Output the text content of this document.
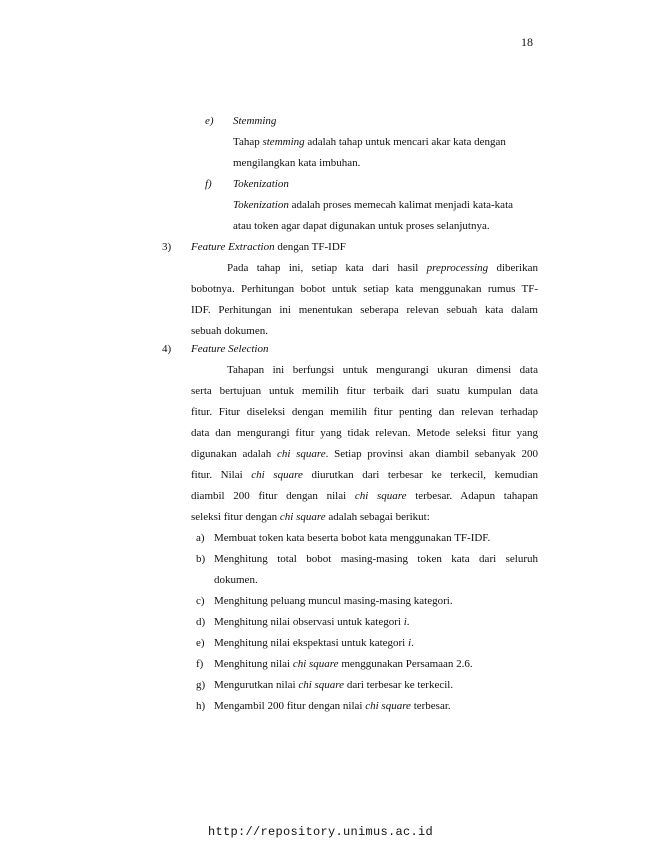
18
e) Stemming
Tahap stemming adalah tahap untuk mencari akar kata dengan
mengilangkan kata imbuhan.
f) Tokenization
Tokenization adalah proses memecah kalimat menjadi kata-kata
atau token agar dapat digunakan untuk proses selanjutnya.
3) Feature Extraction dengan TF-IDF
Pada tahap ini, setiap kata dari hasil preprocessing diberikan
bobotnya. Perhitungan bobot untuk setiap kata menggunakan rumus TF-
IDF. Perhitungan ini menentukan seberapa relevan sebuah kata dalam
sebuah dokumen.
4) Feature Selection
Tahapan ini berfungsi untuk mengurangi ukuran dimensi data
serta bertujuan untuk memilih fitur terbaik dari suatu kumpulan data
fitur. Fitur diseleksi dengan memilih fitur penting dan relevan terhadap
data dan mengurangi fitur yang tidak relevan. Metode seleksi fitur yang
digunakan adalah chi square. Setiap provinsi akan diambil sebanyak 200
fitur. Nilai chi square diurutkan dari terbesar ke terkecil, kemudian
diambil 200 fitur dengan nilai chi square terbesar. Adapun tahapan
seleksi fitur dengan chi square adalah sebagai berikut:
a) Membuat token kata beserta bobot kata menggunakan TF-IDF.
b) Menghitung total bobot masing-masing token kata dari seluruh
dokumen.
c) Menghitung peluang muncul masing-masing kategori.
d) Menghitung nilai observasi untuk kategori i.
e) Menghitung nilai ekspektasi untuk kategori i.
f) Menghitung nilai chi square menggunakan Persamaan 2.6.
g) Mengurutkan nilai chi square dari terbesar ke terkecil.
h) Mengambil 200 fitur dengan nilai chi square terbesar.
http://repository.unimus.ac.id
